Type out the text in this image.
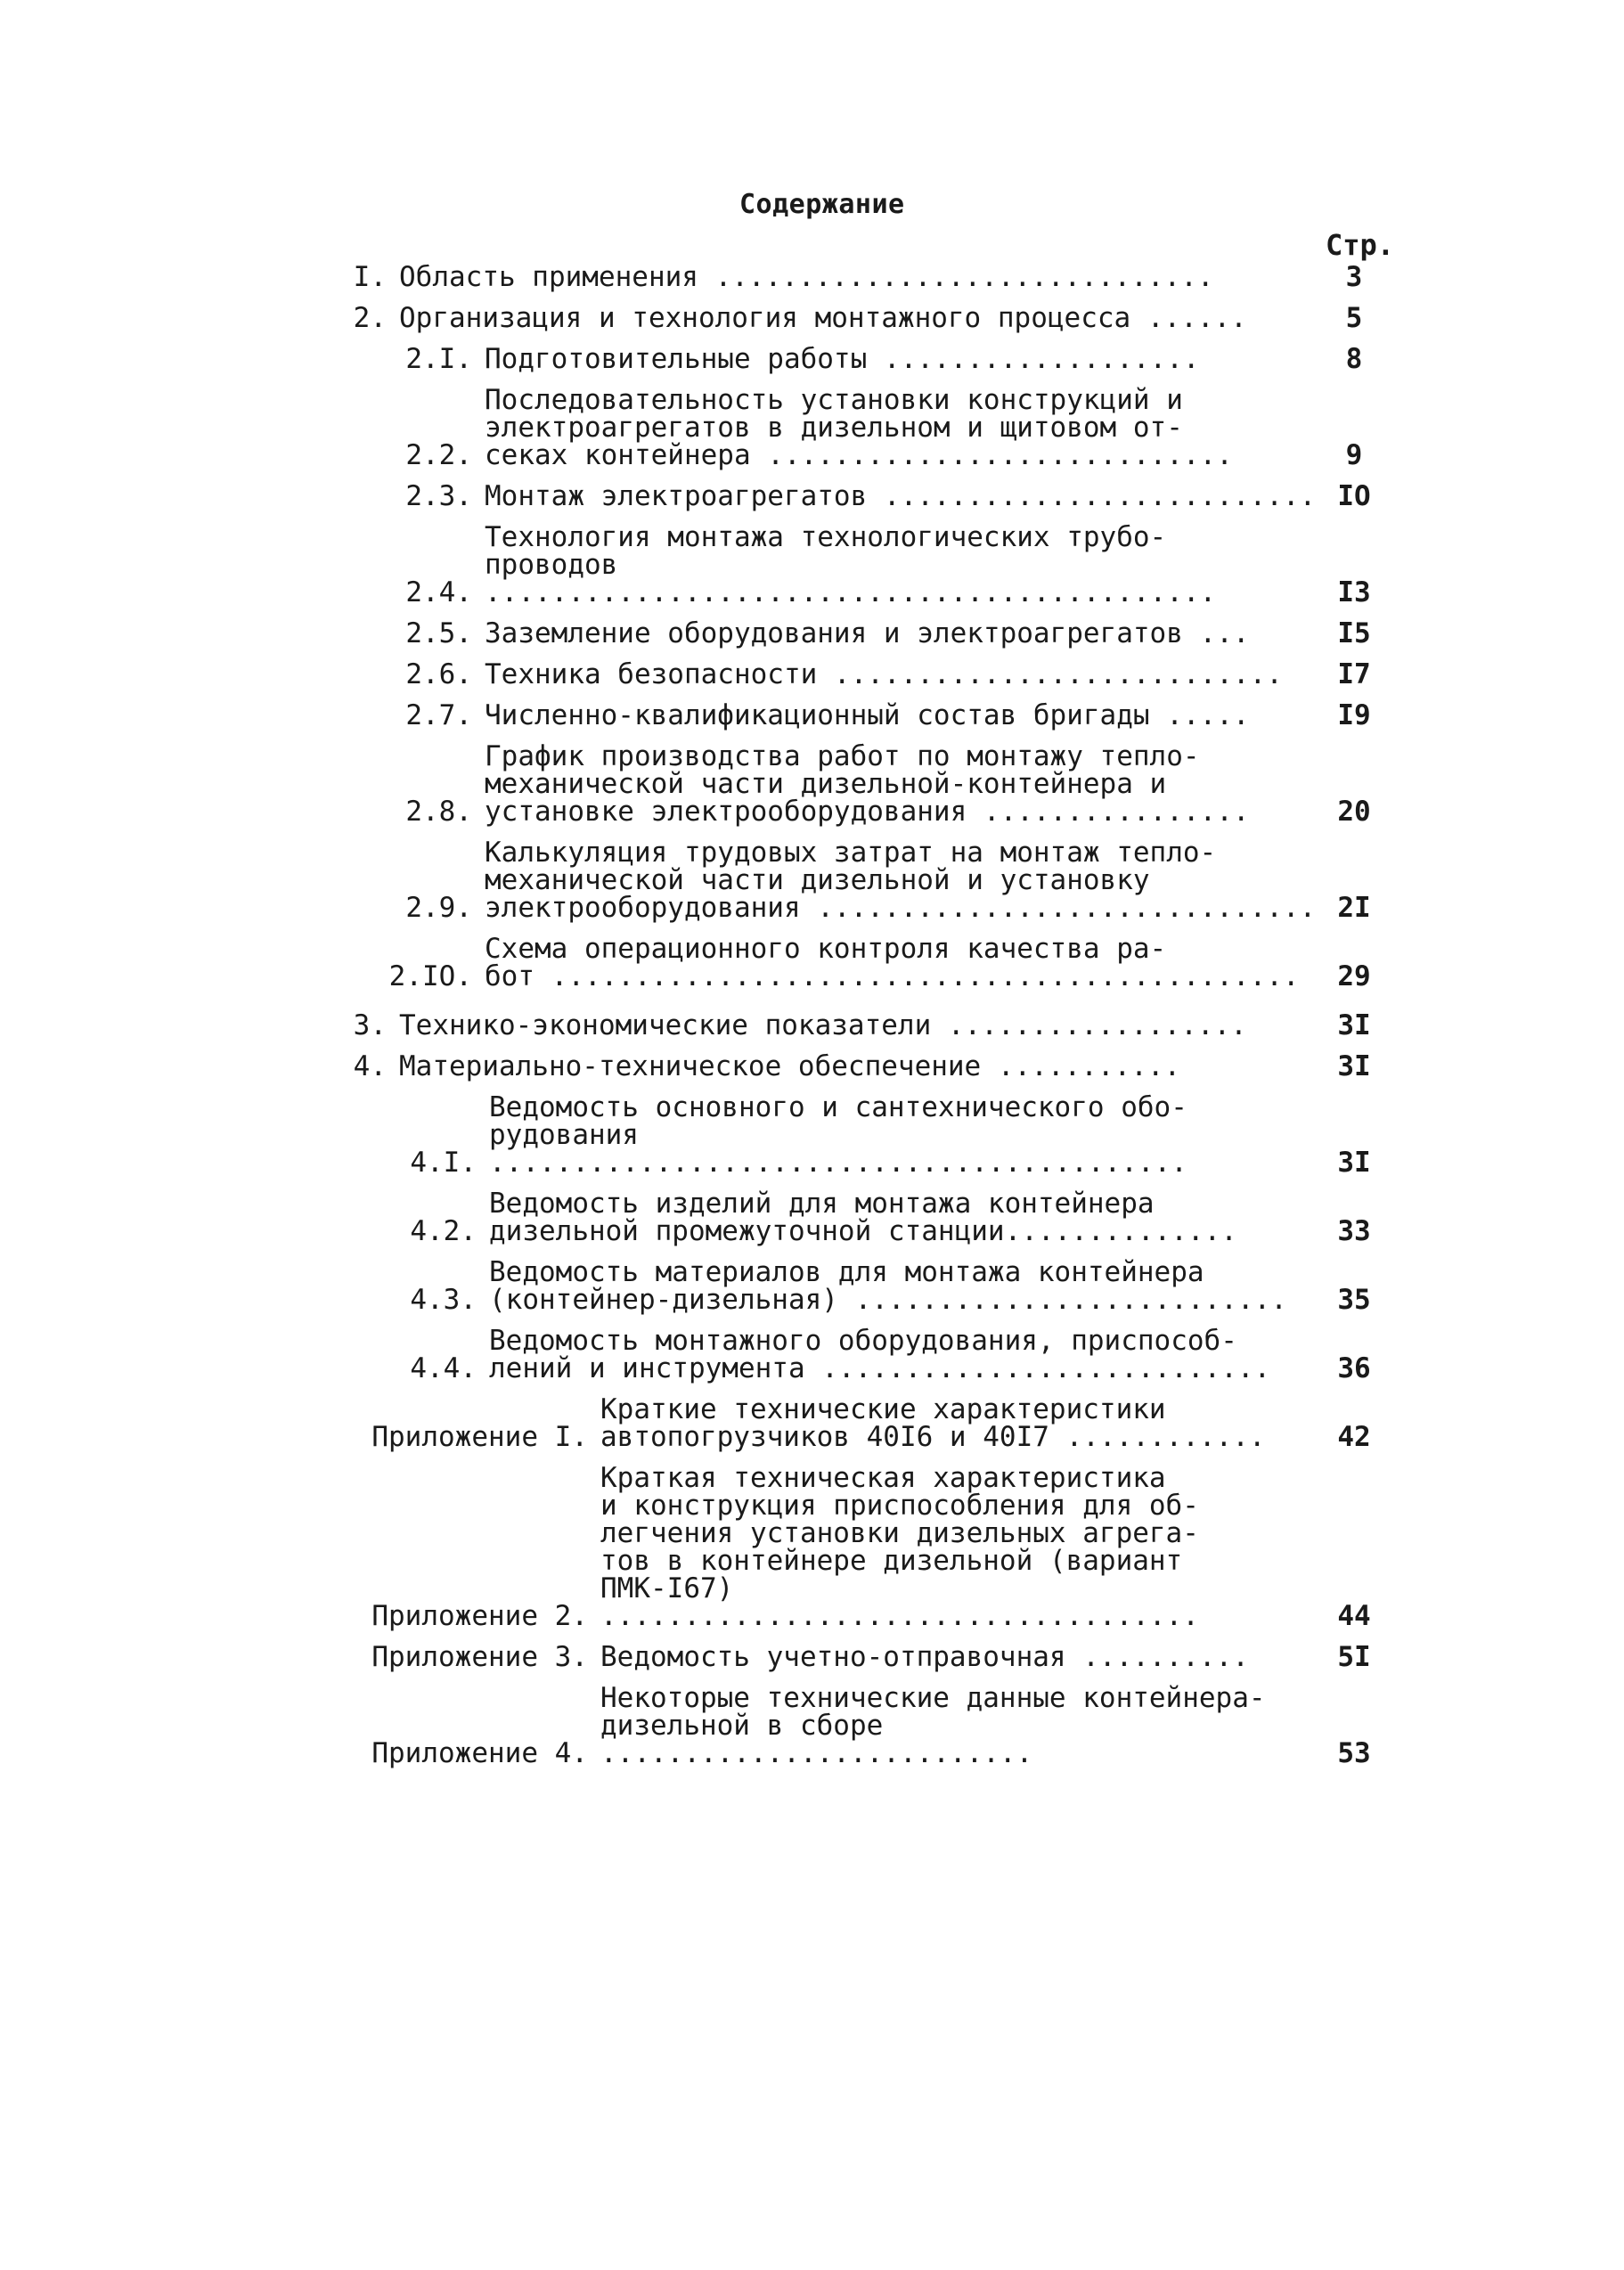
Содержание
Стр.
I. Область применения ..............................	3
2. Организация и технология монтажного процесса ......	5
2.I. Подготовительные работы ...................	8
2.2.
Последовательность установки конструкций и
электроагрегатов в дизельном и щитовом от-
секах контейнера ............................	9
2.3. Монтаж электроагрегатов .......................... IO
2.4.
Технология монтажа технологических трубо-
проводов ............................................	I3
2.5. Заземление оборудования и электроагрегатов ...	I5
2.6. Техника безопасности ...........................	I7
2.7. Численно-квалификационный состав бригады .....	I9
2.8.
График производства работ по монтажу тепло-
механической части дизельной-контейнера и
установке электрооборудования ................	20
2.9.
Калькуляция трудовых затрат на монтаж тепло-
механической части дизельной и установку
электрооборудования .............................. 2I
2.IO.
Схема операционного контроля качества ра-
бот .............................................	29
3. Технико-экономические показатели ..................	3I
4. Материально-техническое обеспечение ...........	3I
4.I.
Ведомость основного и сантехнического обо-
рудования ..........................................	3I
4.2.
Ведомость изделий для монтажа контейнера
дизельной промежуточной станции..............	33
4.3.
Ведомость материалов для монтажа контейнера
(контейнер-дизельная) ..........................	35
4.4.
Ведомость монтажного оборудования, приспособ-
лений и инструмента ...........................	36
Приложение I.
Краткие технические характеристики
автопогрузчиков 40I6 и 40I7 ............	42
Приложение 2.
Краткая техническая характеристика
и конструкция приспособления для об-
легчения установки дизельных агрега-
тов в контейнере дизельной (вариант
ПМК-I67) ....................................	44
Приложение 3. Ведомость учетно-отправочная ..........	5I
Приложение 4.
Некоторые технические данные контейнера-
дизельной в сборе ..........................	53
